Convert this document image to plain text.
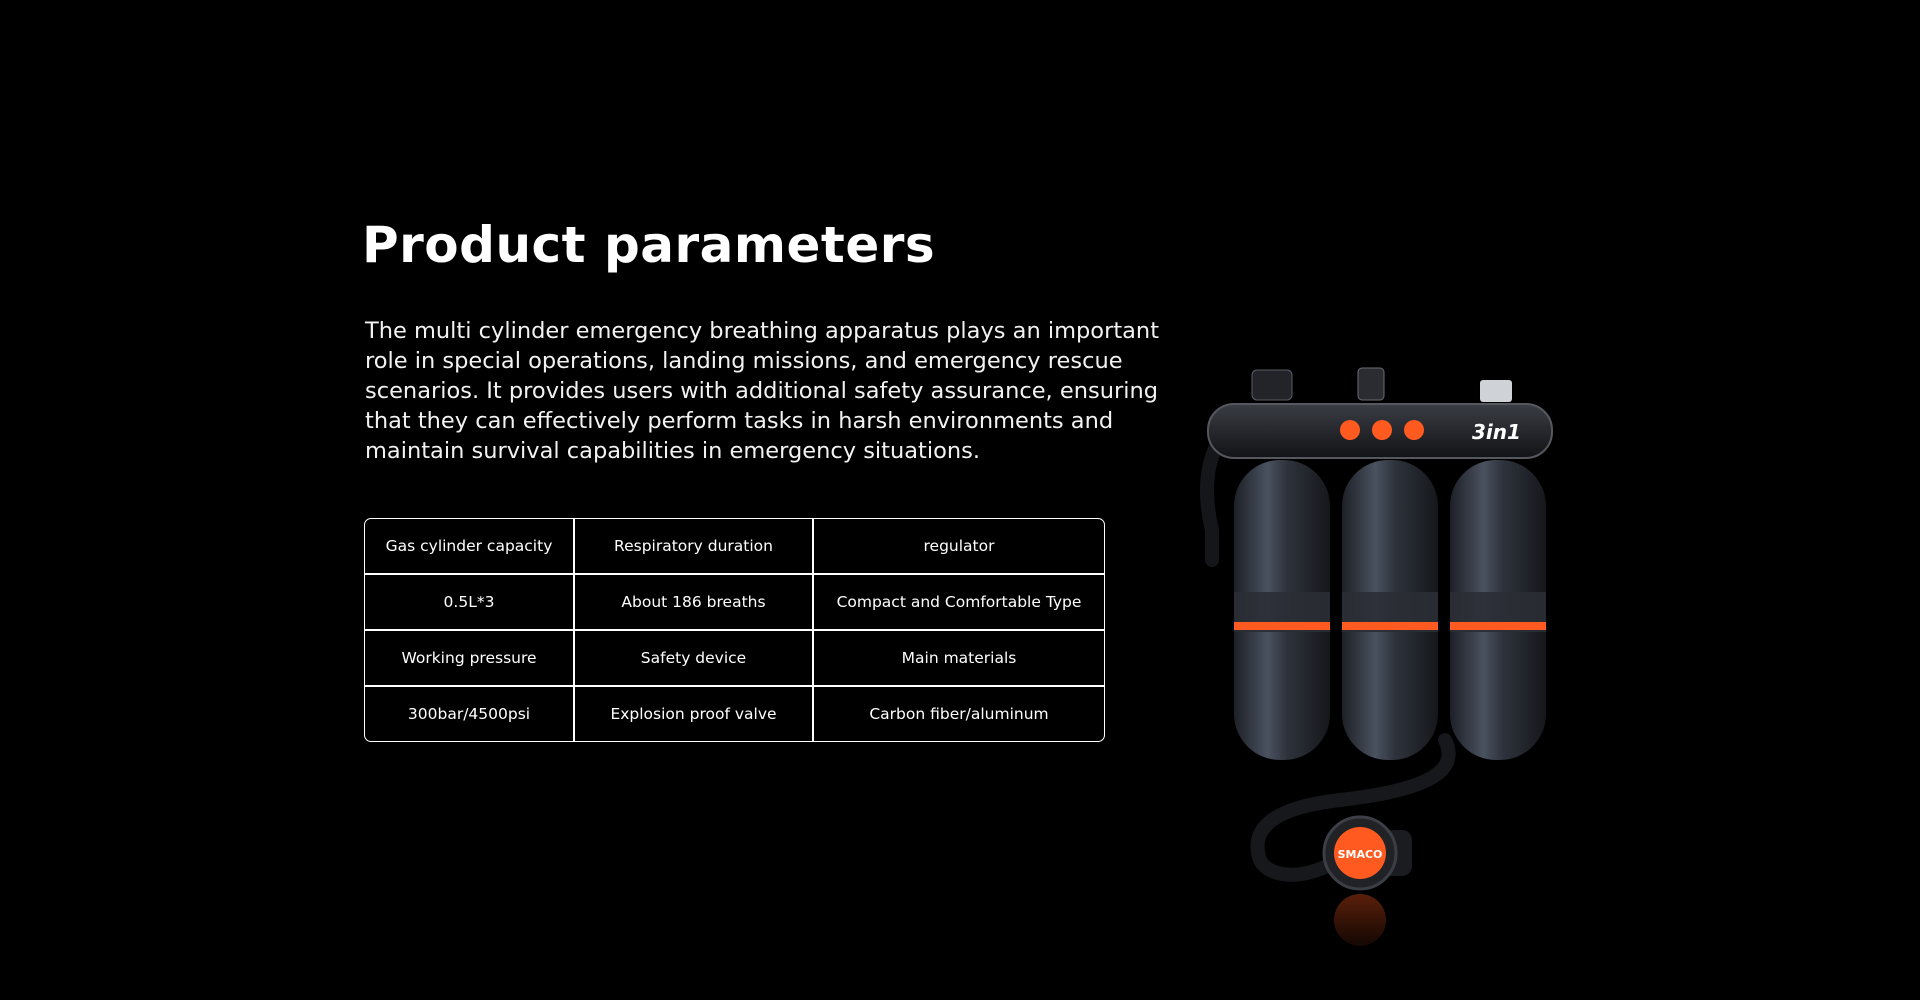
Product parameters

The multi cylinder emergency breathing apparatus plays an important role in special operations, landing missions, and emergency rescue scenarios. It provides users with additional safety assurance, ensuring that they can effectively perform tasks in harsh environments and maintain survival capabilities in emergency situations.

Gas cylinder capacity	Respiratory duration	regulator
0.5L*3	About 186 breaths	Compact and Comfortable Type
Working pressure	Safety device	Main materials
300bar/4500psi	Explosion proof valve	Carbon fiber/aluminum
3in1
SMACO
